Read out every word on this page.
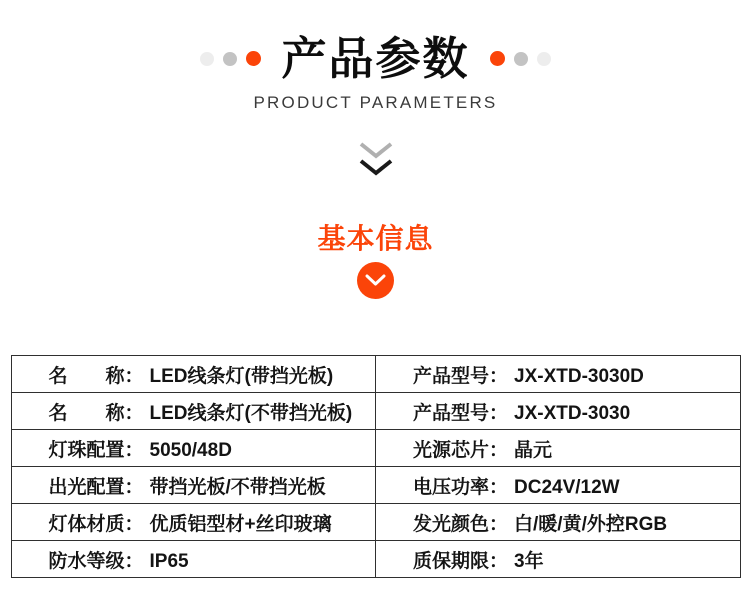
产品参数
PRODUCT PARAMETERS
基本信息
名称： LED线条灯(带挡光板)	产品型号： JX-XTD-3030D
名称： LED线条灯(不带挡光板)	产品型号： JX-XTD-3030
灯珠配置： 5050/48D	光源芯片： 晶元
出光配置： 带挡光板/不带挡光板	电压功率： DC24V/12W
灯体材质： 优质铝型材+丝印玻璃	发光颜色： 白/暖/黄/外控RGB
防水等级： IP65	质保期限： 3年
